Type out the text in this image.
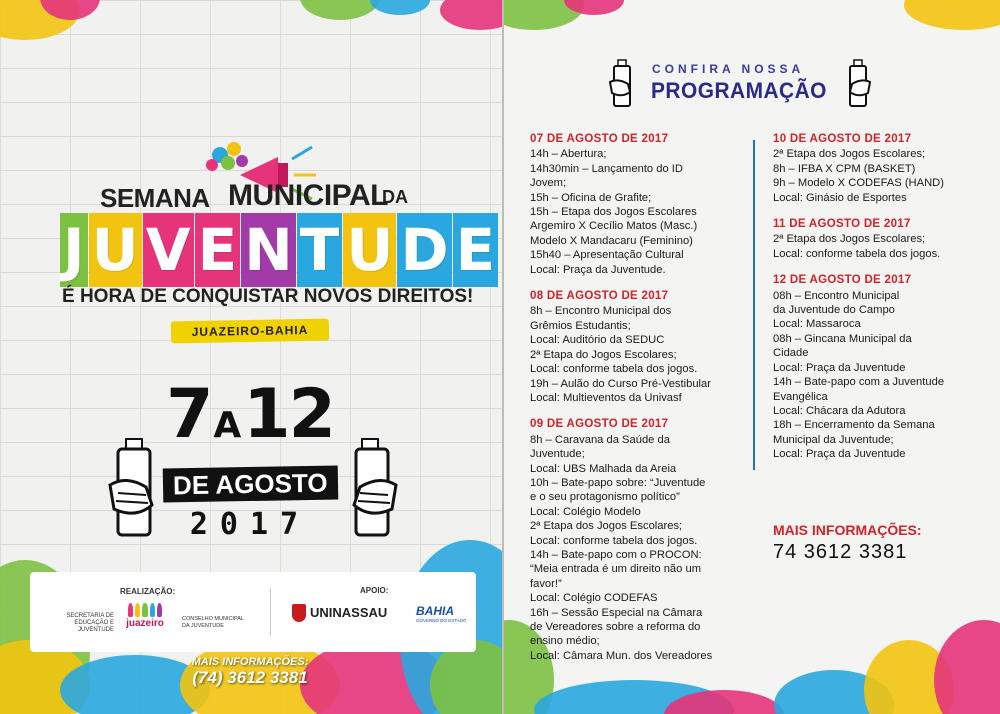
SEMANA MUNICIPAL
DA
J U V E N T U D E
É HORA DE CONQUISTAR NOVOS DIREITOS!
JUAZEIRO-BAHIA
7A12
DE AGOSTO
2017
REALIZAÇÃO:	APOIO:
SECRETARIA DE EDUCAÇÃO E JUVENTUDE
juazeiro	CONSELHO MUNICIPAL DA JUVENTUDE
UNINASSAU BAHIA
GOVERNO DO ESTADO
MAIS INFORMAÇÕES:
(74) 3612 3381
CONFIRA NOSSA
PROGRAMAÇÃO
07 DE AGOSTO DE 2017
14h – Abertura;
14h30min – Lançamento do ID
Jovem;
15h – Oficina de Grafite;
15h – Etapa dos Jogos Escolares
Argemiro X Cecílio Matos (Masc.)
Modelo X Mandacaru (Feminino)
15h40 – Apresentação Cultural
Local: Praça da Juventude.
08 DE AGOSTO DE 2017
8h – Encontro Municipal dos
Grêmios Estudantis;
Local: Auditório da SEDUC
2ª Etapa do Jogos Escolares;
Local: conforme tabela dos jogos.
19h – Aulão do Curso Pré-Vestibular
Local: Multieventos da Univasf
09 DE AGOSTO DE 2017
8h – Caravana da Saúde da
Juventude;
Local: UBS Malhada da Areia
10h – Bate-papo sobre: “Juventude
e o seu protagonismo político”
Local: Colégio Modelo
2ª Etapa dos Jogos Escolares;
Local: conforme tabela dos jogos.
14h – Bate-papo com o PROCON:
“Meia entrada é um direito não um
favor!”
Local: Colégio CODEFAS
16h – Sessão Especial na Câmara
de Vereadores sobre a reforma do
ensino médio;
Local: Câmara Mun. dos Vereadores
10 DE AGOSTO DE 2017
2ª Etapa dos Jogos Escolares;
8h – IFBA X CPM (BASKET)
9h – Modelo X CODEFAS (HAND)
Local: Ginásio de Esportes
11 DE AGOSTO DE 2017
2ª Etapa dos Jogos Escolares;
Local: conforme tabela dos jogos.
12 DE AGOSTO DE 2017
08h – Encontro Municipal
da Juventude do Campo
Local: Massaroca
08h – Gincana Municipal da
Cidade
Local: Praça da Juventude
14h – Bate-papo com a Juventude
Evangélica
Local: Chácara da Adutora
18h – Encerramento da Semana
Municipal da Juventude;
Local: Praça da Juventude
MAIS INFORMAÇÕES:
74 3612 3381
